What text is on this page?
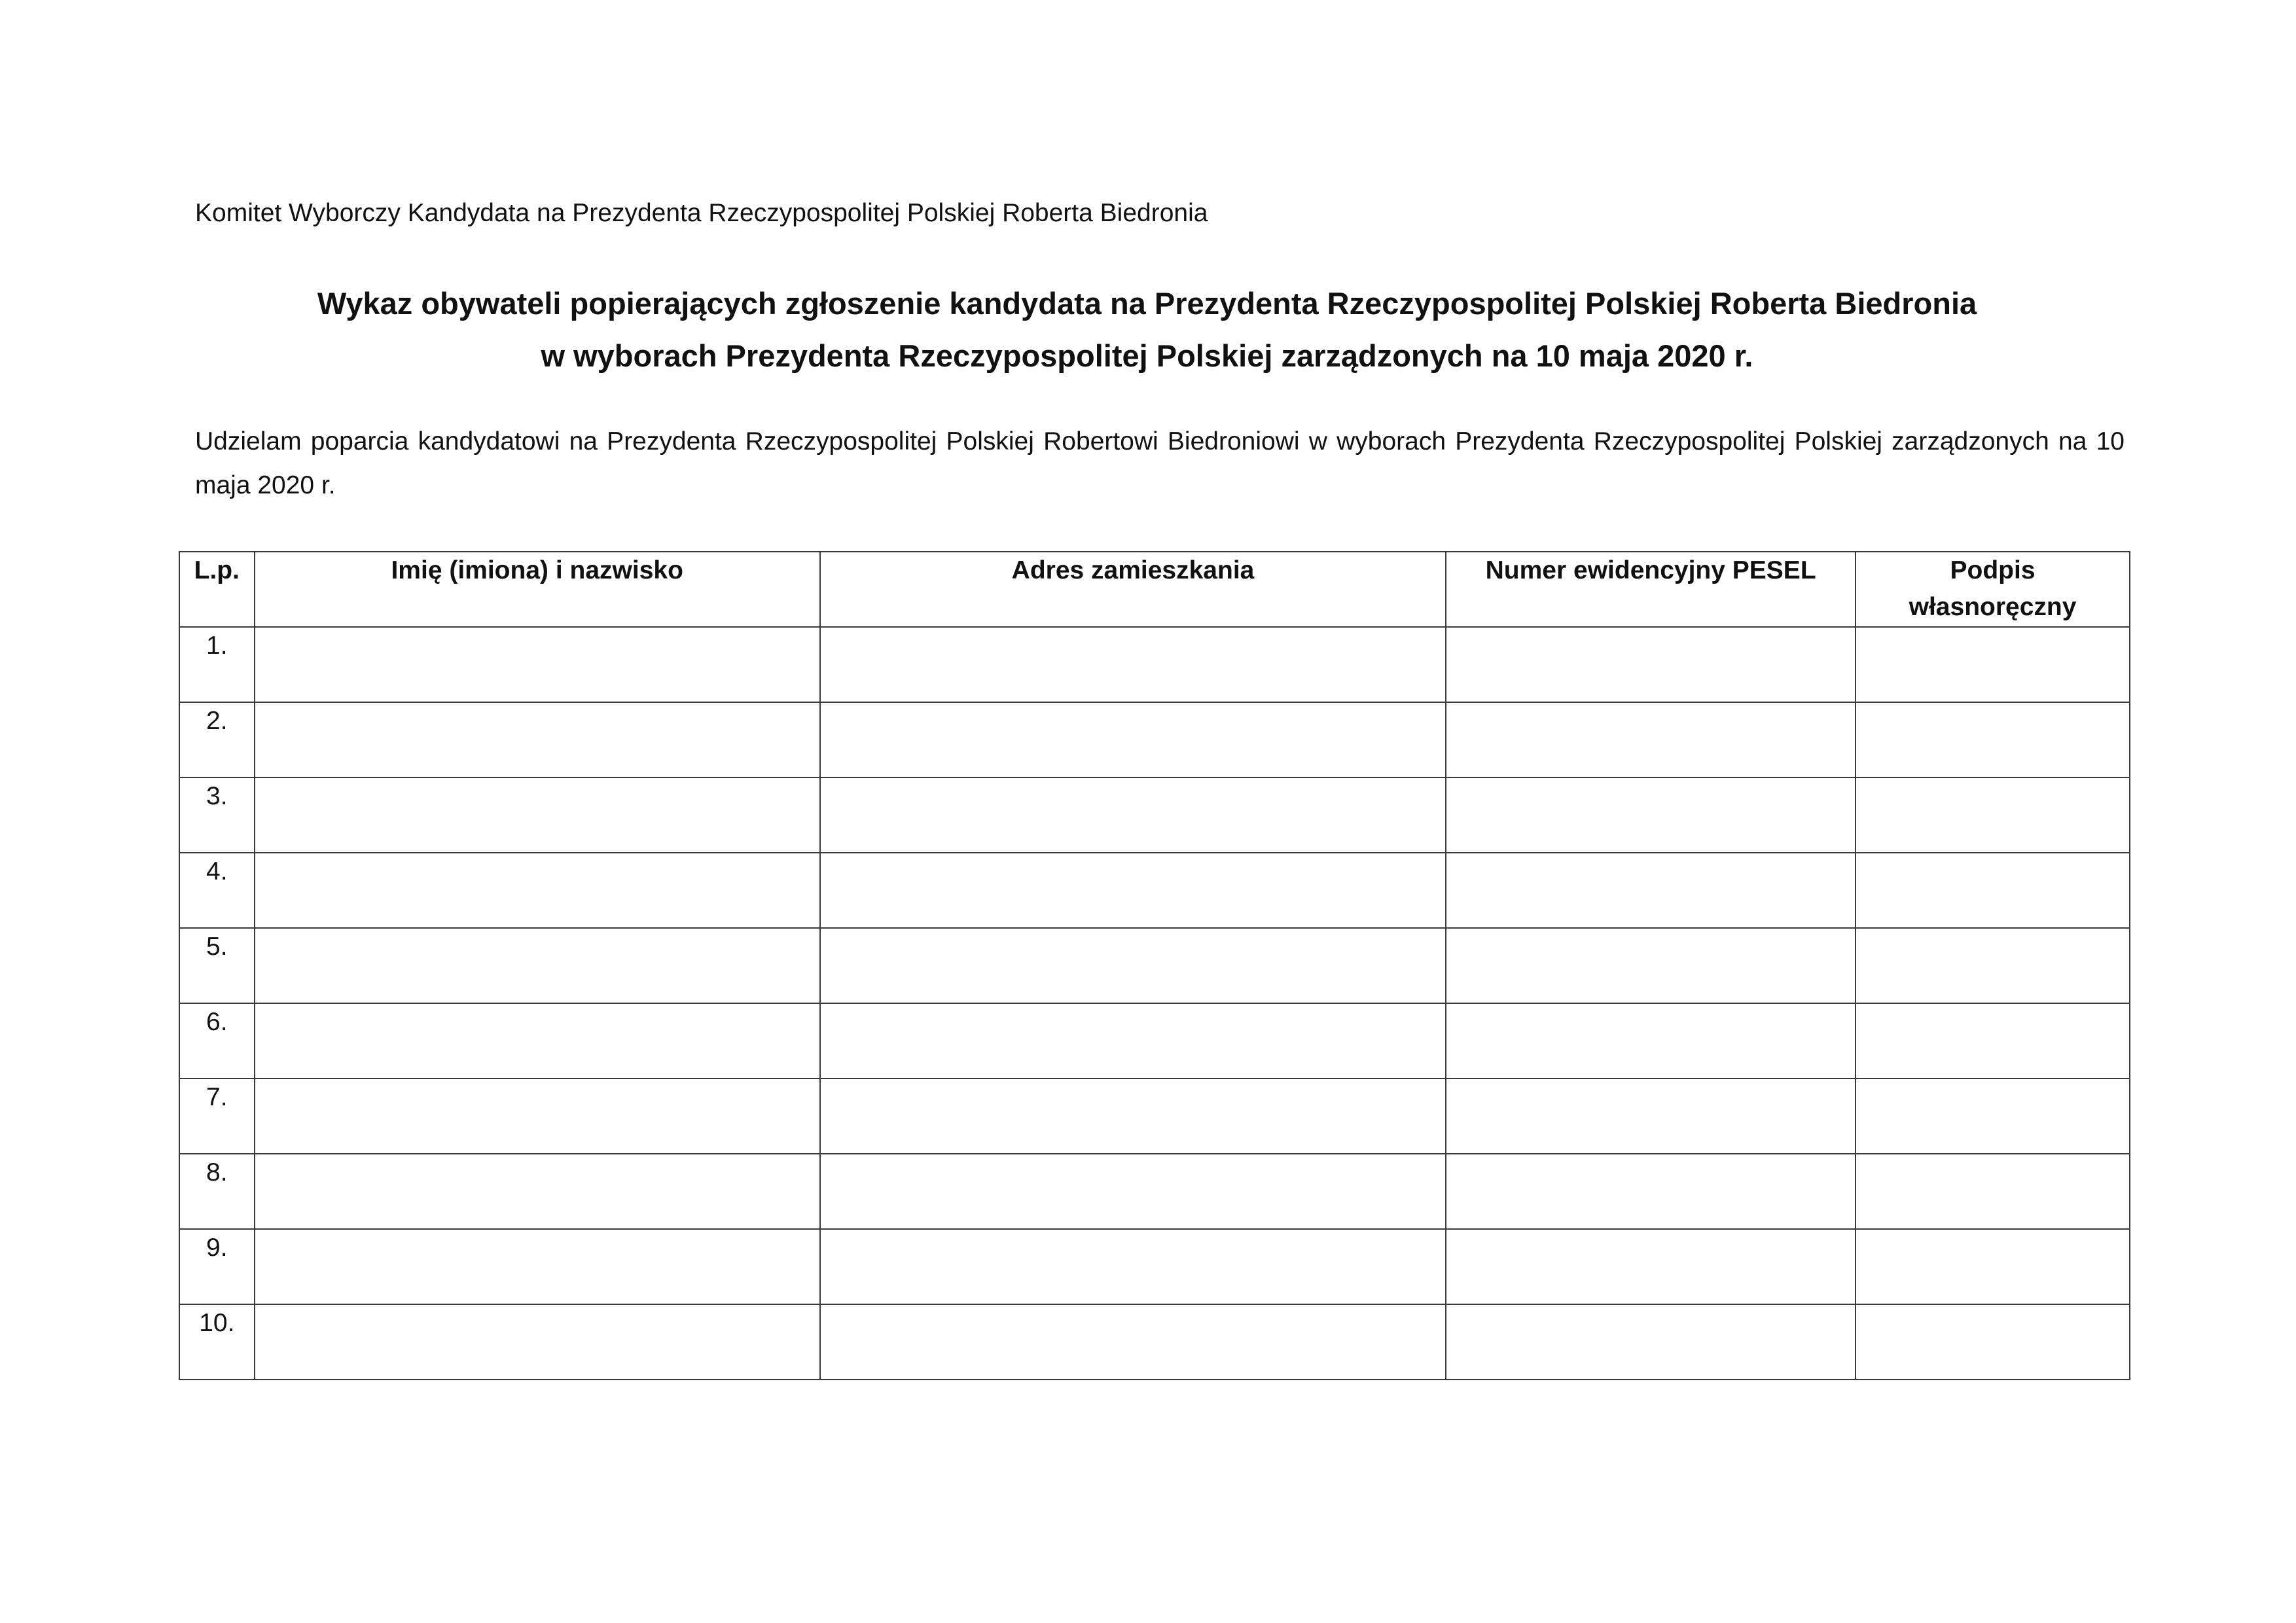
Komitet Wyborczy Kandydata na Prezydenta Rzeczypospolitej Polskiej Roberta Biedronia
Wykaz obywateli popierających zgłoszenie kandydata na Prezydenta Rzeczypospolitej Polskiej Roberta Biedronia
w wyborach Prezydenta Rzeczypospolitej Polskiej zarządzonych na 10 maja 2020 r.
Udzielam poparcia kandydatowi na Prezydenta Rzeczypospolitej Polskiej Robertowi Biedroniowi w wyborach Prezydenta Rzeczypospolitej Polskiej zarządzonych na 10 maja 2020 r.
L.p.	Imię (imiona) i nazwisko	Adres zamieszkania	Numer ewidencyjny PESEL	Podpis własnoręczny

1.				
2.				
3.				
4.				
5.				
6.				
7.				
8.				
9.				
10.				
